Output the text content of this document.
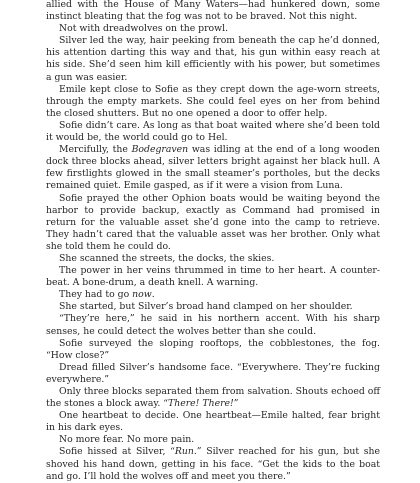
allied with the House of Many Waters—had hunkered down, some instinct bleating that the fog was not to be braved. Not this night.

Not with dreadwolves on the prowl.

Silver led the way, hair peeking from beneath the cap he’d donned, his attention darting this way and that, his gun within easy reach at his side. She’d seen him kill efficiently with his power, but sometimes a gun was easier.

Emile kept close to Sofie as they crept down the age-worn streets, through the empty markets. She could feel eyes on her from behind the closed shutters. But no one opened a door to offer help.

Sofie didn’t care. As long as that boat waited where she’d been told it would be, the world could go to Hel.

Mercifully, the Bodegraven was idling at the end of a long wooden dock three blocks ahead, silver letters bright against her black hull. A few firstlights glowed in the small steamer’s portholes, but the decks remained quiet. Emile gasped, as if it were a vision from Luna.

Sofie prayed the other Ophion boats would be waiting beyond the harbor to provide backup, exactly as Command had promised in return for the valuable asset she’d gone into the camp to retrieve. They hadn’t cared that the valuable asset was her brother. Only what she told them he could do.

She scanned the streets, the docks, the skies.

The power in her veins thrummed in time to her heart. A counter-beat. A bone-drum, a death knell. A warning.

They had to go now.

She started, but Silver’s broad hand clamped on her shoulder.

“They’re here,” he said in his northern accent. With his sharp senses, he could detect the wolves better than she could.

Sofie surveyed the sloping rooftops, the cobblestones, the fog. “How close?”

Dread filled Silver’s handsome face. “Everywhere. They’re fucking everywhere.”

Only three blocks separated them from salvation. Shouts echoed off the stones a block away. “There! There!”

One heartbeat to decide. One heartbeat—Emile halted, fear bright in his dark eyes.

No more fear. No more pain.

Sofie hissed at Silver, “Run.” Silver reached for his gun, but she shoved his hand down, getting in his face. “Get the kids to the boat and go. I’ll hold the wolves off and meet you there.”
